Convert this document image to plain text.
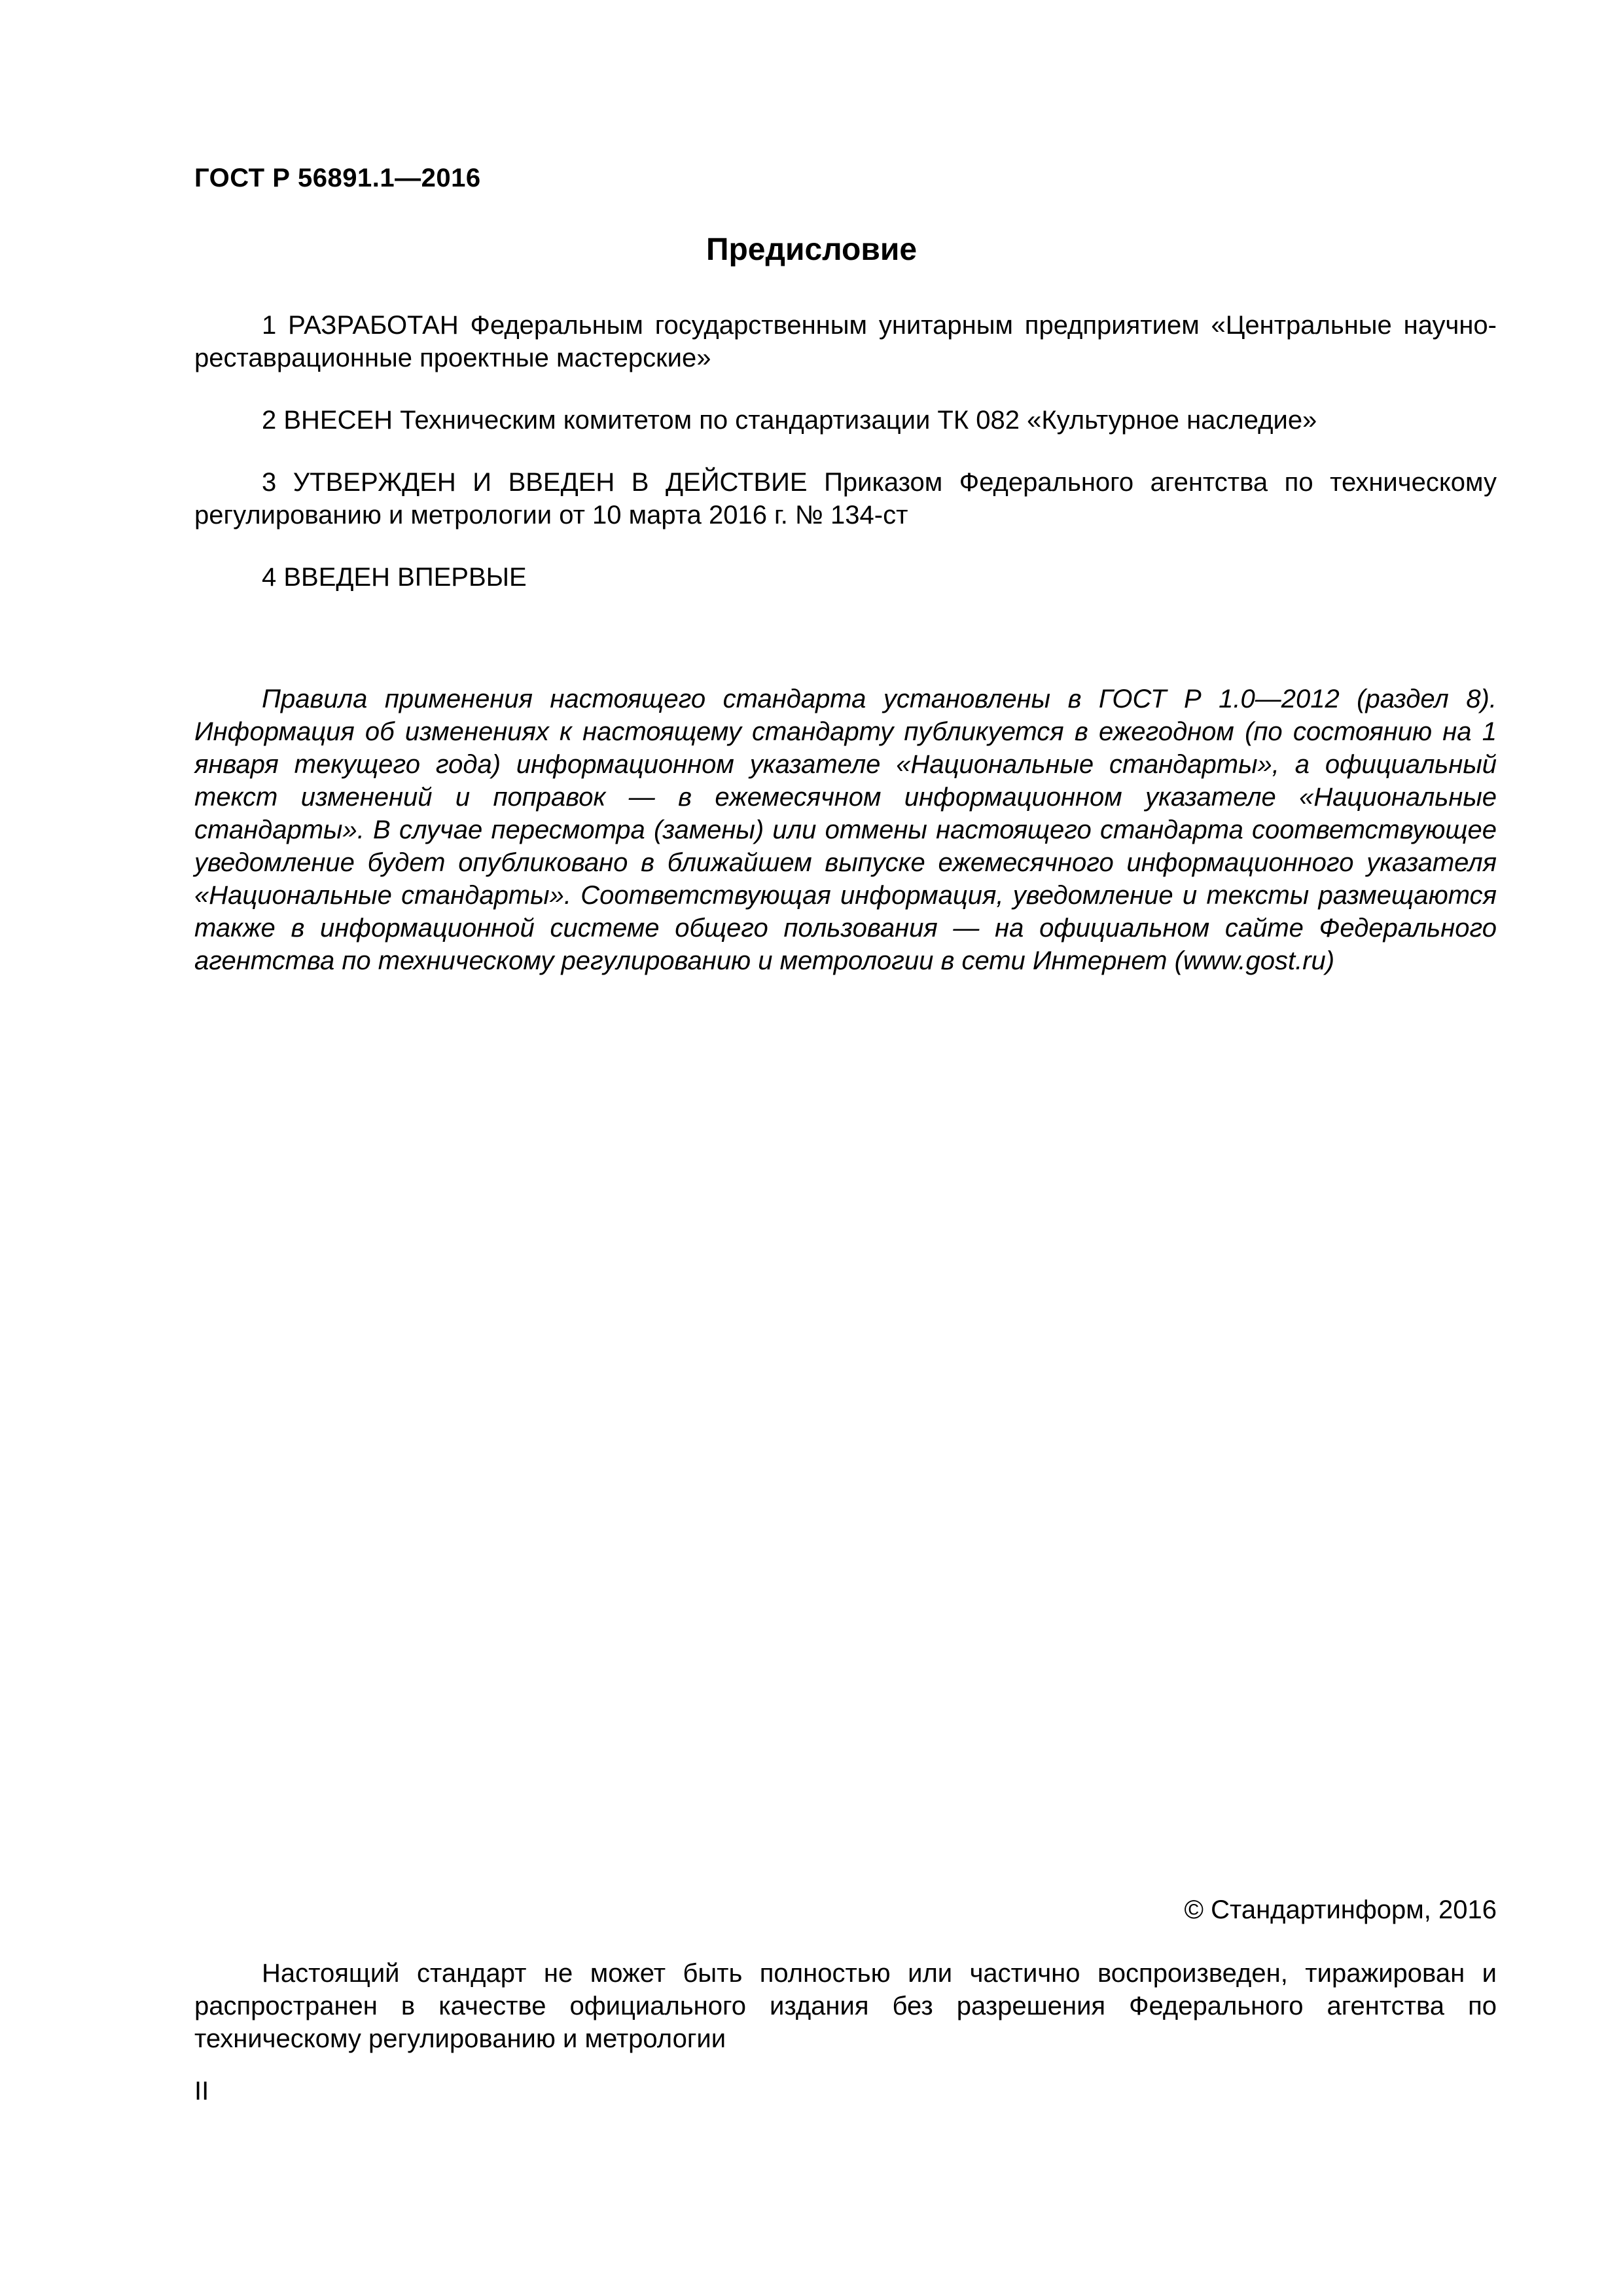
ГОСТ Р 56891.1—2016
Предисловие

1 РАЗРАБОТАН Федеральным государственным унитарным предприятием «Центральные научно-реставрационные проектные мастерские»

2 ВНЕСЕН Техническим комитетом по стандартизации ТК 082 «Культурное наследие»

3 УТВЕРЖДЕН И ВВЕДЕН В ДЕЙСТВИЕ Приказом Федерального агентства по техническому регулированию и метрологии от 10 марта 2016 г. № 134-ст

4 ВВЕДЕН ВПЕРВЫЕ

Правила применения настоящего стандарта установлены в ГОСТ Р 1.0—2012 (раздел 8). Информация об изменениях к настоящему стандарту публикуется в ежегодном (по состоянию на 1 января текущего года) информационном указателе «Национальные стандарты», а официальный текст изменений и поправок — в ежемесячном информационном указателе «Национальные стандарты». В случае пересмотра (замены) или отмены настоящего стандарта соответствующее уведомление будет опубликовано в ближайшем выпуске ежемесячного информационного указателя «Национальные стандарты». Соответствующая информация, уведомление и тексты размещаются также в информационной системе общего пользования — на официальном сайте Федерального агентства по техническому регулированию и метрологии в сети Интернет (www.gost.ru)

© Стандартинформ, 2016

Настоящий стандарт не может быть полностью или частично воспроизведен, тиражирован и распространен в качестве официального издания без разрешения Федерального агентства по техническому регулированию и метрологии

II
